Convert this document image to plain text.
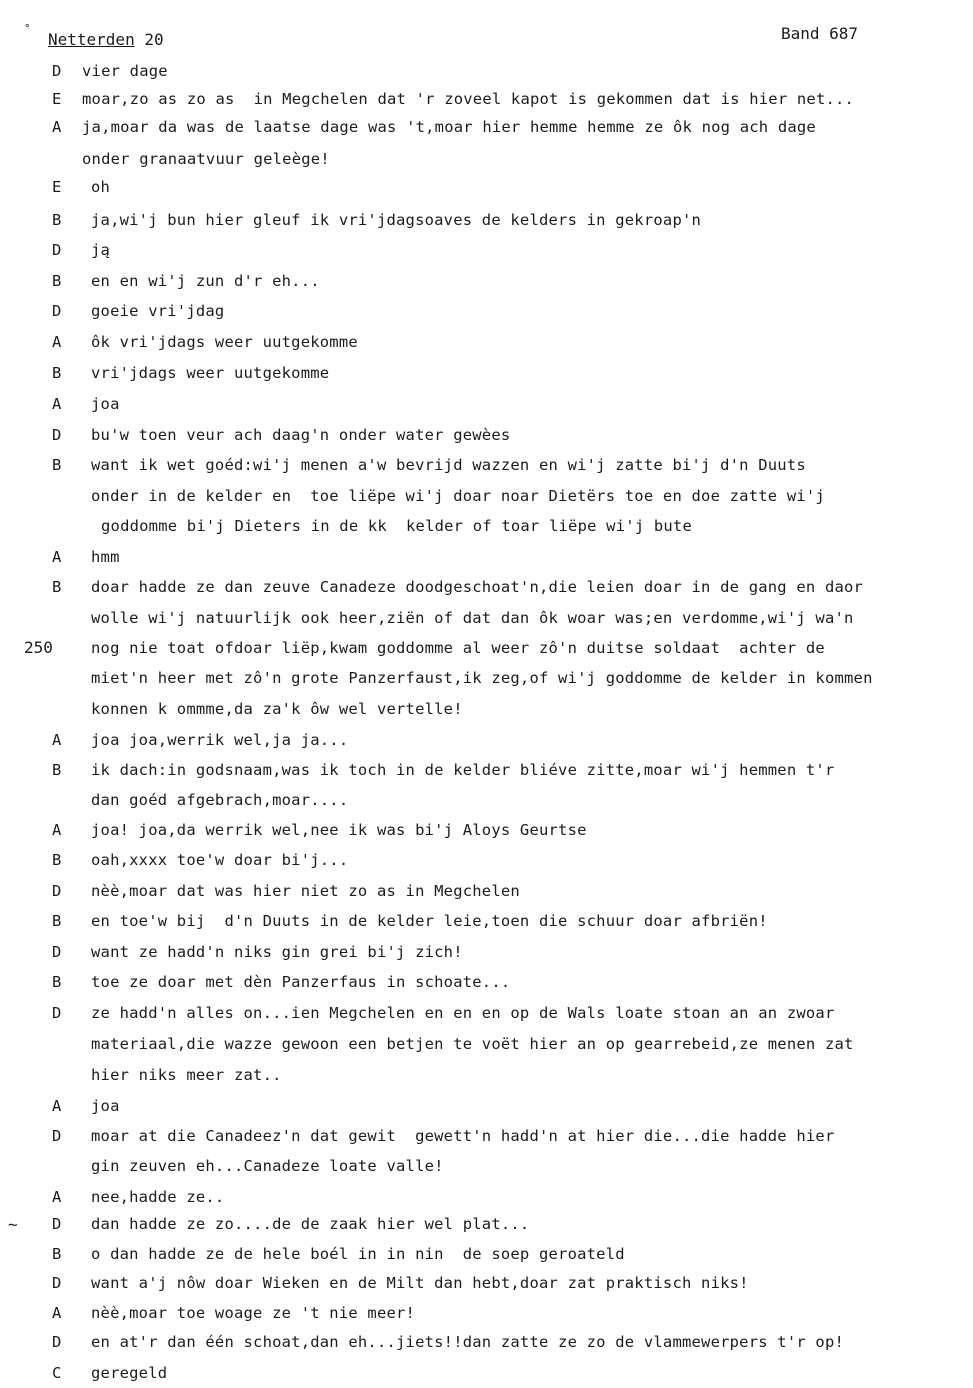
°
Netterden 20	Band 687
250
~
D vier dage
E moar,zo as zo as  in Megchelen dat 'r zoveel kapot is gekommen dat is hier net...
A ja,moar da was de laatse dage was 't,moar hier hemme hemme ze ôk nog ach dage
onder granaatvuur geleège!
E oh
B ja,wi'j bun hier gleuf ik vri'jdagsoaves de kelders in gekroap'n
D ją
B en en wi'j zun d'r eh...
D goeie vri'jdag
A ôk vri'jdags weer uutgekomme
B vri'jdags weer uutgekomme
A joa
D bu'w toen veur ach daag'n onder water gewèes
B want ik wet goéd:wi'j menen a'w bevrijd wazzen en wi'j zatte bi'j d'n Duuts
onder in de kelder en  toe liëpe wi'j doar noar Dietërs toe en doe zatte wi'j
goddomme bi'j Dieters in de kk  kelder of toar liëpe wi'j bute
A hmm
B doar hadde ze dan zeuve Canadeze doodgeschoat'n,die leien doar in de gang en daor
wolle wi'j natuurlijk ook heer,ziën of dat dan ôk woar was;en verdomme,wi'j wa'n
nog nie toat ofdoar liëp,kwam goddomme al weer zô'n duitse soldaat  achter de
miet'n heer met zô'n grote Panzerfaust,ik zeg,of wi'j goddomme de kelder in kommen
konnen k ommme,da za'k ôw wel vertelle!
A joa joa,werrik wel,ja ja...
B ik dach:in godsnaam,was ik toch in de kelder bliéve zitte,moar wi'j hemmen t'r
dan goéd afgebrach,moar....
A joa! joa,da werrik wel,nee ik was bi'j Aloys Geurtse
B oah,xxxx toe'w doar bi'j...
D nèè,moar dat was hier niet zo as in Megchelen
B en toe'w bij  d'n Duuts in de kelder leie,toen die schuur doar afbriën!
D want ze hadd'n niks gin grei bi'j zich!
B toe ze doar met dèn Panzerfaus in schoate...
D ze hadd'n alles on...ien Megchelen en en en op de Wals loate stoan an an zwoar
materiaal,die wazze gewoon een betjen te voët hier an op gearrebeid,ze menen zat
hier niks meer zat..
A joa
D moar at die Canadeez'n dat gewit  gewett'n hadd'n at hier die...die hadde hier
gin zeuven eh...Canadeze loate valle!
A nee,hadde ze..
D dan hadde ze zo....de de zaak hier wel plat...
B o dan hadde ze de hele boél in in nin  de soep geroateld
D want a'j nôw doar Wieken en de Milt dan hebt,doar zat praktisch niks!
A nèè,moar toe woage ze 't nie meer!
D en at'r dan één schoat,dan eh...jiets!!dan zatte ze zo de vlammewerpers t'r op!
C geregeld
